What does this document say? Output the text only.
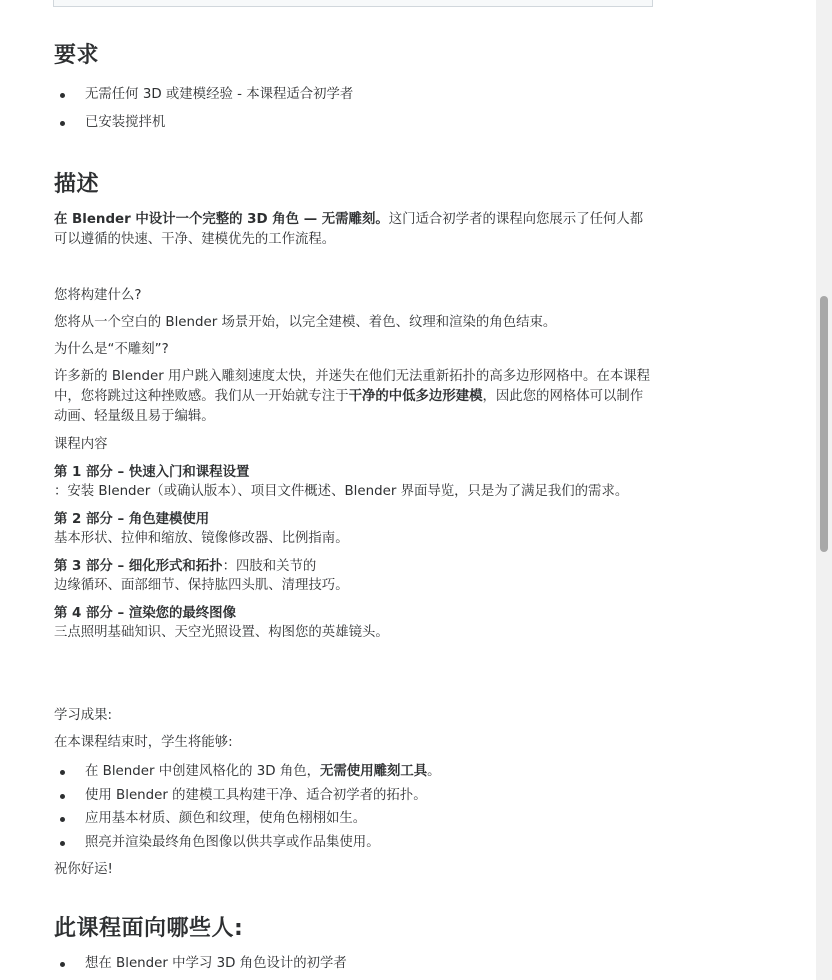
要求
无需任何 3D 或建模经验 - 本课程适合初学者
已安装搅拌机
描述

在 Blender 中设计一个完整的 3D 角色 — 无需雕刻。这门适合初学者的课程向您展示了任何人都可以遵循的快速、干净、建模优先的工作流程。

您将构建什么?

您将从一个空白的 Blender 场景开始，以完全建模、着色、纹理和渲染的角色结束。

为什么是“不雕刻”?

许多新的 Blender 用户跳入雕刻速度太快，并迷失在他们无法重新拓扑的高多边形网格中。在本课程中，您将跳过这种挫败感。我们从一开始就专注于干净的中低多边形建模，因此您的网格体可以制作动画、轻量级且易于编辑。

课程内容

第 1 部分 – 快速入门和课程设置

：安装 Blender（或确认版本）、项目文件概述、Blender 界面导览，只是为了满足我们的需求。

第 2 部分 – 角色建模使用

基本形状、拉伸和缩放、镜像修改器、比例指南。

第 3 部分 – 细化形式和拓扑：四肢和关节的

边缘循环、面部细节、保持肱四头肌、清理技巧。

第 4 部分 – 渲染您的最终图像

三点照明基础知识、天空光照设置、构图您的英雄镜头。

学习成果:

在本课程结束时，学生将能够:

在 Blender 中创建风格化的 3D 角色，无需使用雕刻工具。
使用 Blender 的建模工具构建干净、适合初学者的拓扑。
应用基本材质、颜色和纹理，使角色栩栩如生。
照亮并渲染最终角色图像以供共享或作品集使用。

祝你好运!

此课程面向哪些人:
想在 Blender 中学习 3D 角色设计的初学者
